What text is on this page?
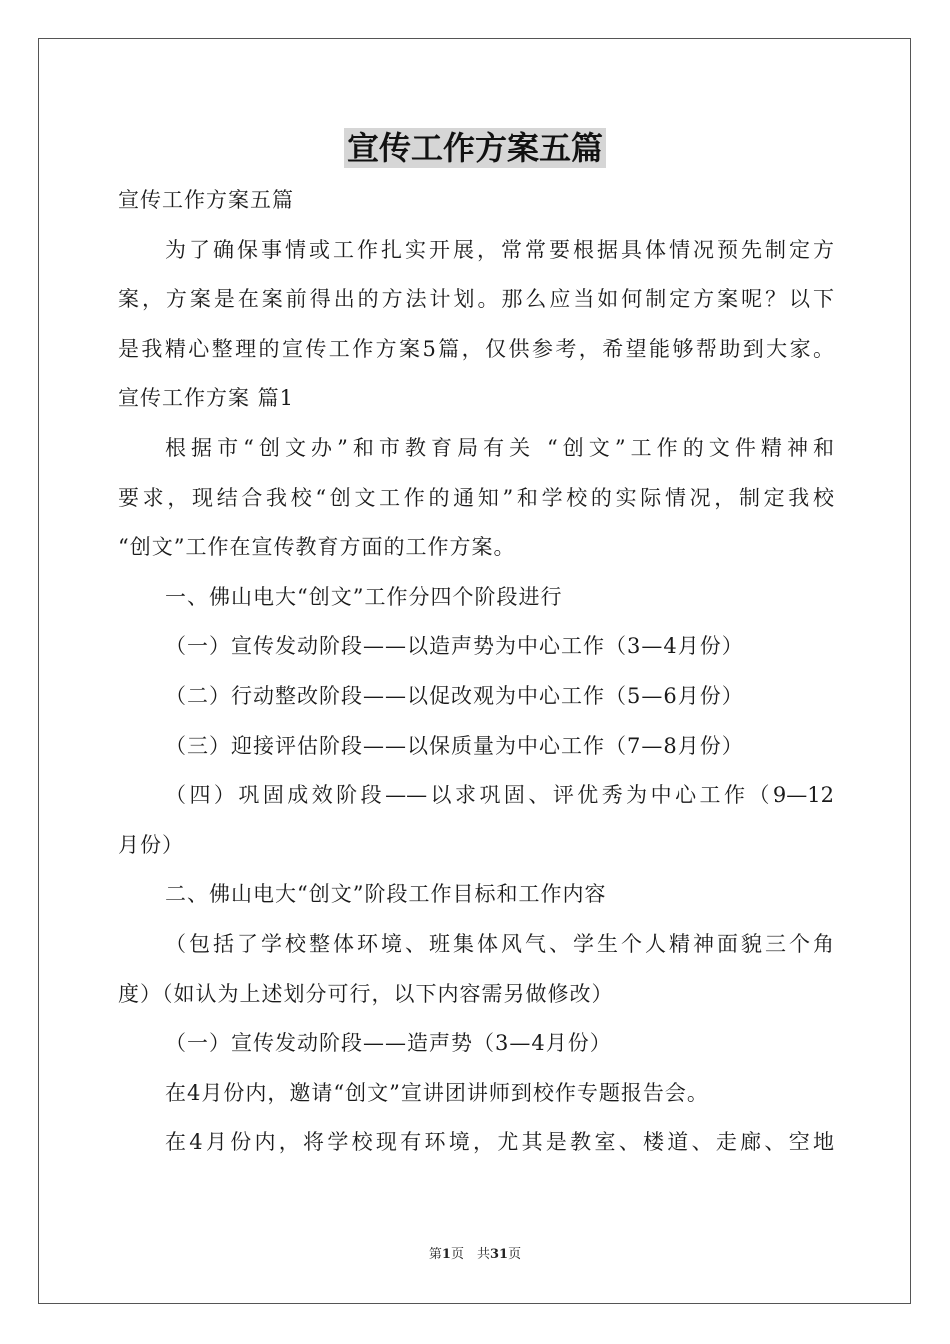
宣传工作方案五篇
宣传工作方案五篇
为了确保事情或工作扎实开展，常常要根据具体情况预先制定方
案，方案是在案前得出的方法计划。那么应当如何制定方案呢？以下
是我精心整理的宣传工作方案5篇，仅供参考，希望能够帮助到大家。
宣传工作方案 篇1
根据市“创文办”和市教育局有关 “创文”工作的文件精神和
要求，现结合我校“创文工作的通知”和学校的实际情况，制定我校
“创文”工作在宣传教育方面的工作方案。
一、佛山电大“创文”工作分四个阶段进行
（一）宣传发动阶段——以造声势为中心工作（3—4月份）
（二）行动整改阶段——以促改观为中心工作（5—6月份）
（三）迎接评估阶段——以保质量为中心工作（7—8月份）
（四）巩固成效阶段——以求巩固、评优秀为中心工作（9—12
月份）
二、佛山电大“创文”阶段工作目标和工作内容
（包括了学校整体环境、班集体风气、学生个人精神面貌三个角
度）（如认为上述划分可行，以下内容需另做修改）
（一）宣传发动阶段——造声势（3—4月份）
在4月份内，邀请“创文”宣讲团讲师到校作专题报告会。
在4月份内，将学校现有环境，尤其是教室、楼道、走廊、空地
第1页　共31页
